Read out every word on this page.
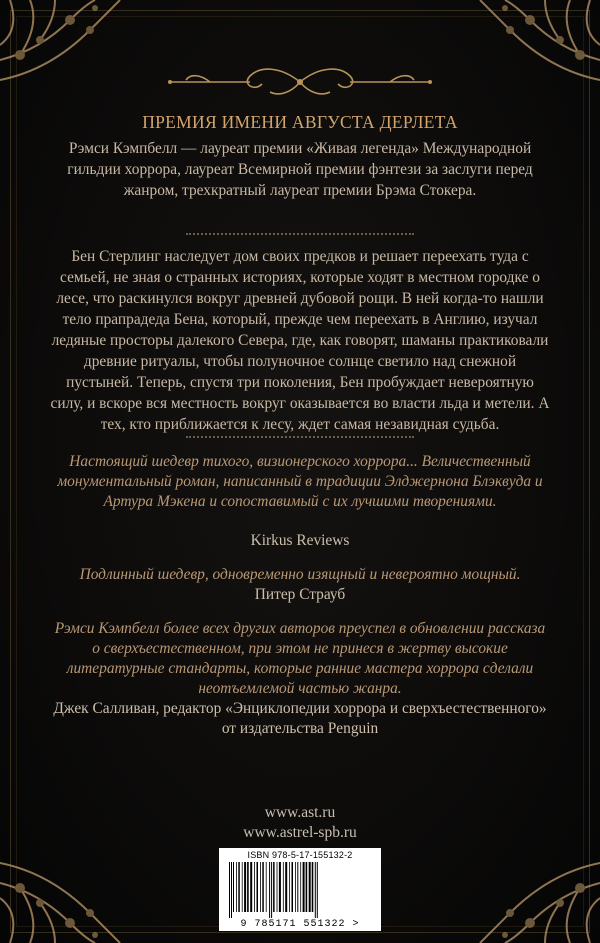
ПРЕМИЯ ИМЕНИ АВГУСТА ДЕРЛЕТА
Рэмси Кэмпбелл — лауреат премии «Живая легенда» Международной гильдии хоррора, лауреат Всемирной премии фэнтези за заслуги перед жанром, трехкратный лауреат премии Брэма Стокера.
Бен Стерлинг наследует дом своих предков и решает переехать туда с семьей, не зная о странных историях, которые ходят в местном городке о лесе, что раскинулся вокруг древней дубовой рощи. В ней когда-то нашли тело прапрадеда Бена, который, прежде чем переехать в Англию, изучал ледяные просторы далекого Севера, где, как говорят, шаманы практиковали древние ритуалы, чтобы полуночное солнце светило над снежной пустыней. Теперь, спустя три поколения, Бен пробуждает невероятную силу, и вскоре вся местность вокруг оказывается во власти льда и метели. А тех, кто приближается к лесу, ждет самая незавидная судьба.
Настоящий шедевр тихого, визионерского хоррора... Величественный монументальный роман, написанный в традиции Элджернона Блэквуда и Артура Мэкена и сопоставимый с их лучшими творениями.
Kirkus Reviews
Подлинный шедевр, одновременно изящный и невероятно мощный.
Питер Страуб
Рэмси Кэмпбелл более всех других авторов преуспел в обновлении рассказа о сверхъестественном, при этом не принеся в жертву высокие литературные стандарты, которые ранние мастера хоррора сделали неотъемлемой частью жанра.
Джек Салливан, редактор «Энциклопедии хоррора и сверхъестественного» от издательства Penguin
www.ast.ru
www.astrel-spb.ru
ISBN 978-5-17-155132-2
9 785171 551322 >
